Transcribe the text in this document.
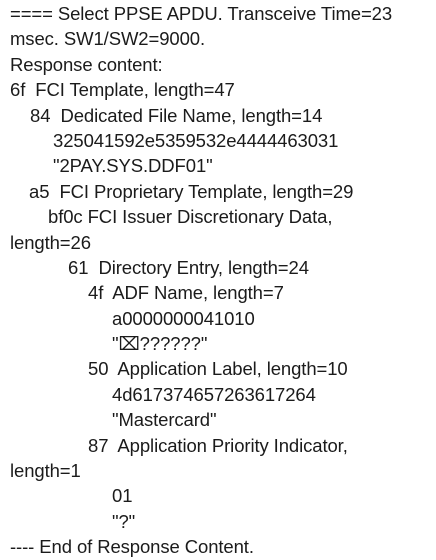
==== Select PPSE APDU. Transceive Time=23
msec. SW1/SW2=9000.
Response content:
6f  FCI Template, length=47
84  Dedicated File Name, length=14
325041592e5359532e4444463031
"2PAY.SYS.DDF01"
a5  FCI Proprietary Template, length=29
bf0c FCI Issuer Discretionary Data,
length=26
61  Directory Entry, length=24
4f  ADF Name, length=7
a0000000041010
"⌧??????"
50  Application Label, length=10
4d617374657263617264
"Mastercard"
87  Application Priority Indicator,
length=1
01
"?"
---- End of Response Content.
